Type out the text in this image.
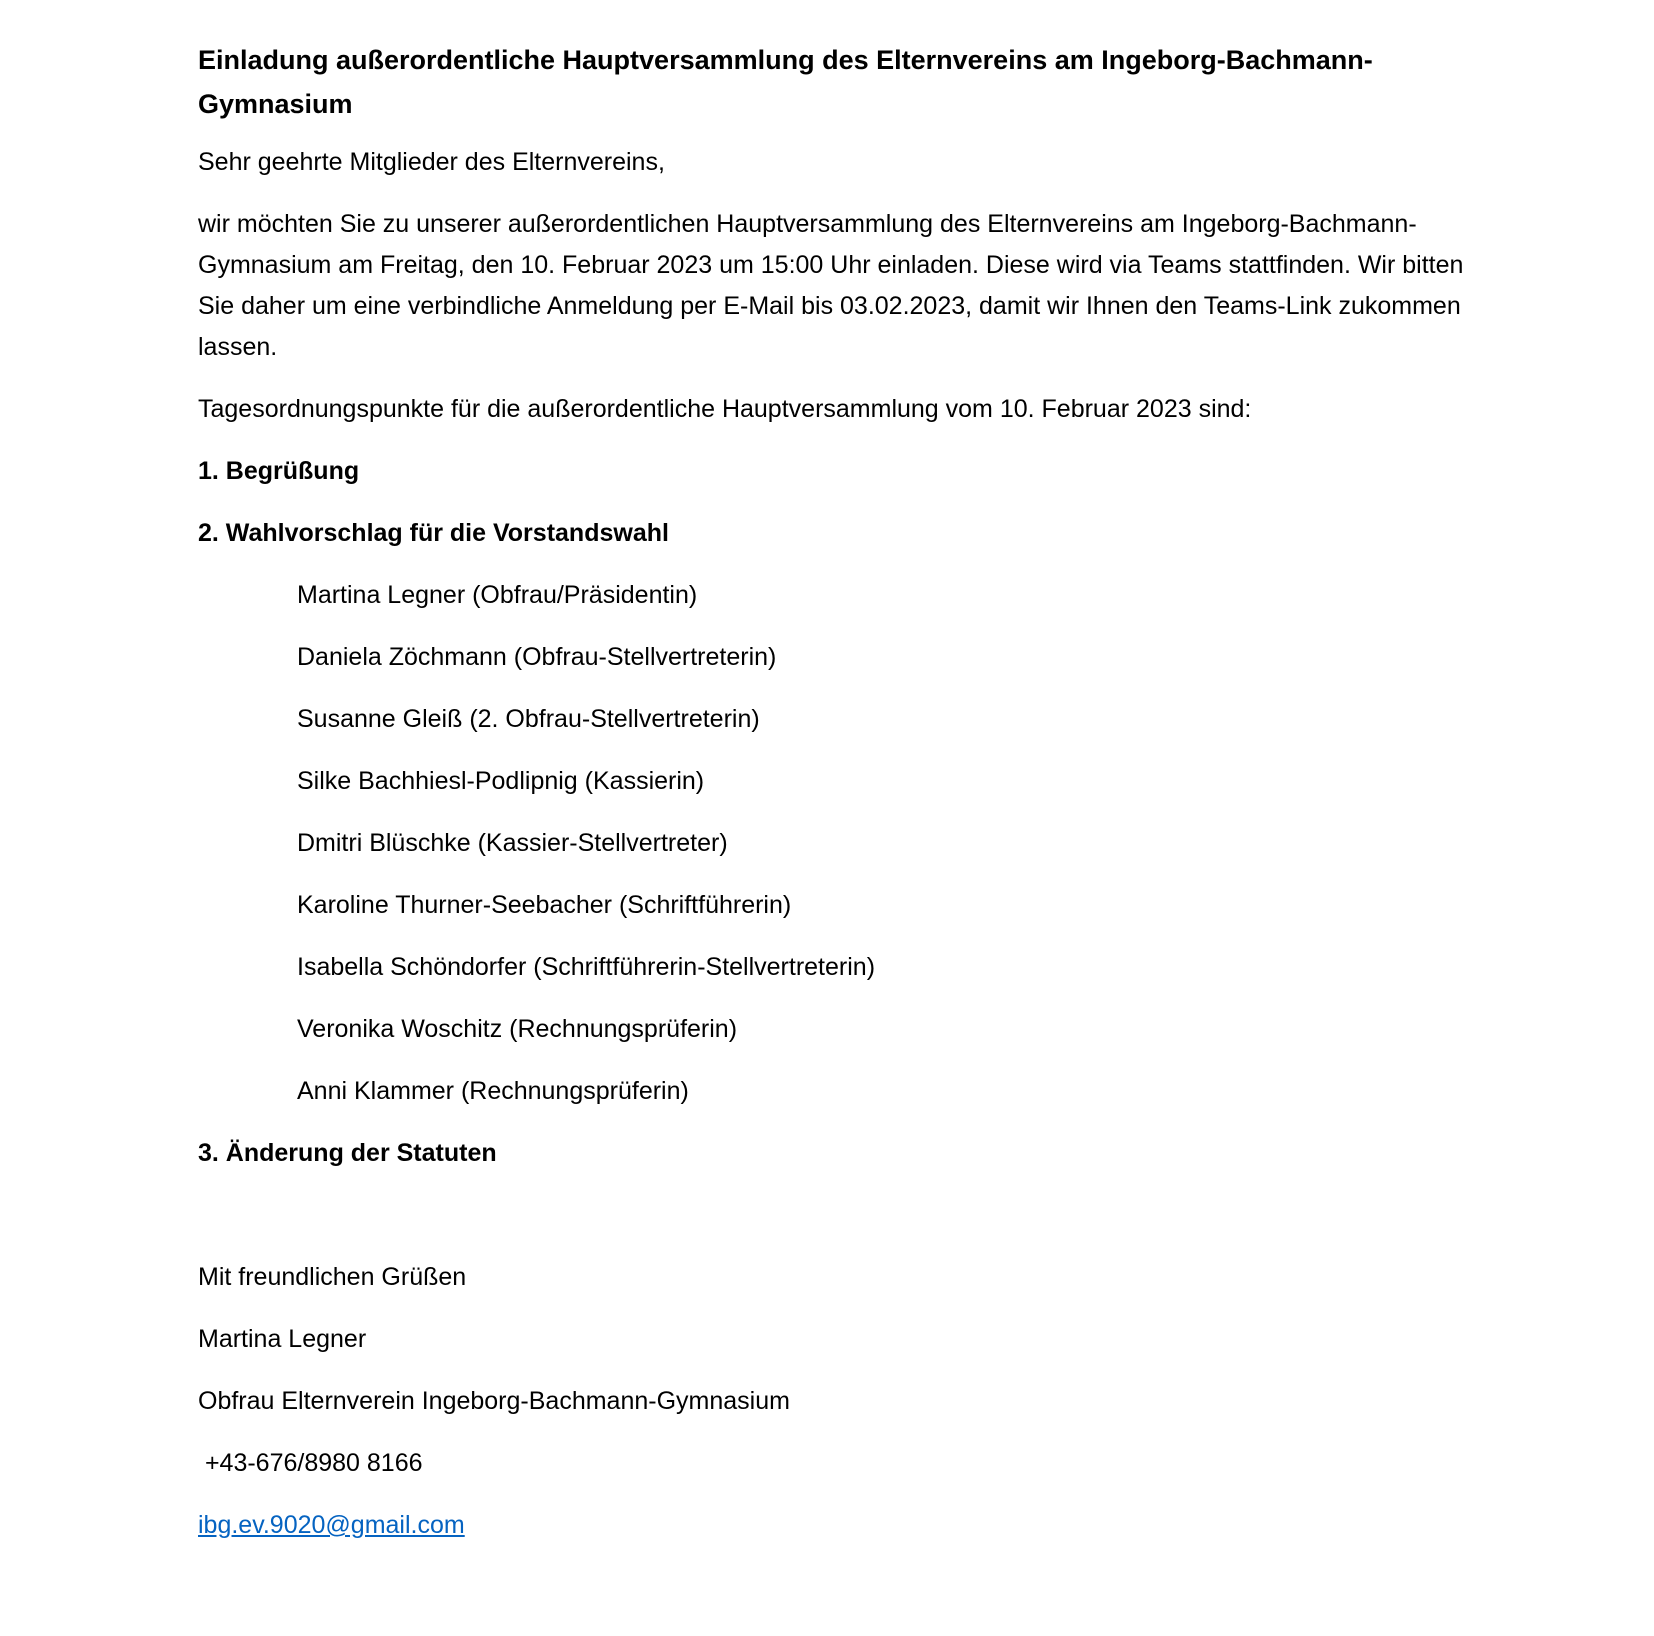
Einladung außerordentliche Hauptversammlung des Elternvereins am Ingeborg-Bachmann-Gymnasium

Sehr geehrte Mitglieder des Elternvereins,

wir möchten Sie zu unserer außerordentlichen Hauptversammlung des Elternvereins am Ingeborg-Bachmann-Gymnasium am Freitag, den 10. Februar 2023 um 15:00 Uhr einladen. Diese wird via Teams stattfinden. Wir bitten Sie daher um eine verbindliche Anmeldung per E-Mail bis 03.02.2023, damit wir Ihnen den Teams-Link zukommen lassen.

Tagesordnungspunkte für die außerordentliche Hauptversammlung vom 10. Februar 2023 sind:

1. Begrüßung

2. Wahlvorschlag für die Vorstandswahl

Martina Legner (Obfrau/Präsidentin)

Daniela Zöchmann (Obfrau-Stellvertreterin)

Susanne Gleiß (2. Obfrau-Stellvertreterin)

Silke Bachhiesl-Podlipnig (Kassierin)

Dmitri Blüschke (Kassier-Stellvertreter)

Karoline Thurner-Seebacher (Schriftführerin)

Isabella Schöndorfer (Schriftführerin-Stellvertreterin)

Veronika Woschitz (Rechnungsprüferin)

Anni Klammer (Rechnungsprüferin)

3. Änderung der Statuten

Mit freundlichen Grüßen

Martina Legner

Obfrau Elternverein Ingeborg-Bachmann-Gymnasium

+43-676/8980 8166

ibg.ev.9020@gmail.com
